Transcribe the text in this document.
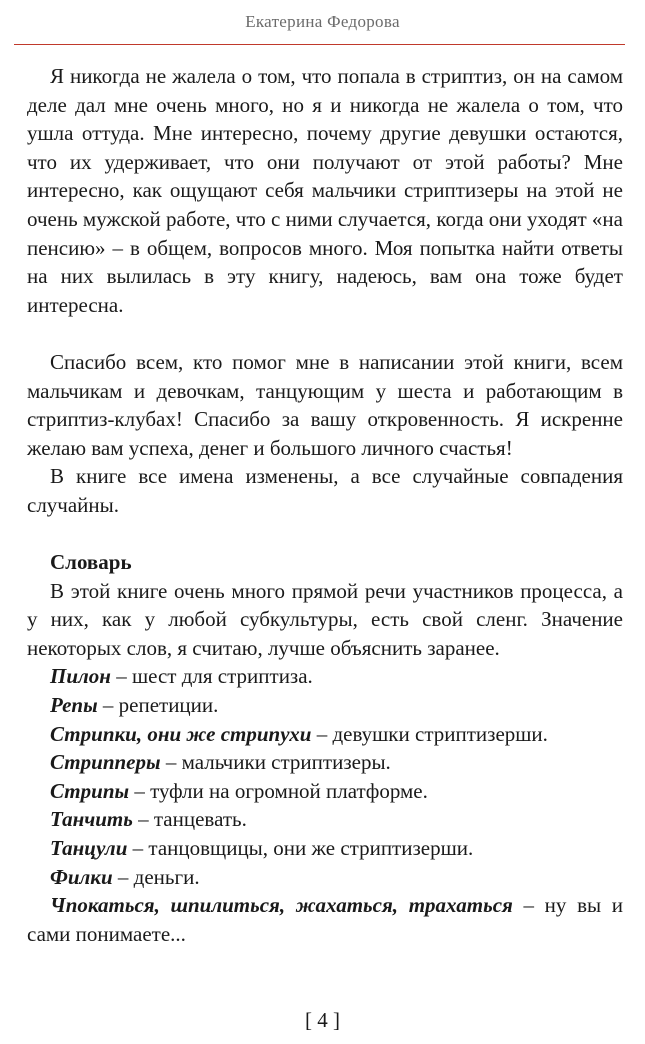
Екатерина Федорова

Я никогда не жалела о том, что попала в стриптиз, он на самом деле дал мне очень много, но я и никогда не жалела о том, что ушла оттуда. Мне интересно, почему другие девушки остаются, что их удерживает, что они получают от этой работы? Мне интересно, как ощущают себя мальчики стриптизеры на этой не очень мужской работе, что с ними случается, когда они уходят «на пенсию» – в общем, вопросов много. Моя попытка найти ответы на них вылилась в эту книгу, надеюсь, вам она тоже будет интересна.

Спасибо всем, кто помог мне в написании этой книги, всем мальчикам и девочкам, танцующим у шеста и работающим в стриптиз-клубах! Спасибо за вашу откровенность. Я искренне желаю вам успеха, денег и большого личного счастья!

В книге все имена изменены, а все случайные совпадения случайны.

Словарь

В этой книге очень много прямой речи участников процесса, а у них, как у любой субкультуры, есть свой сленг. Значение некоторых слов, я считаю, лучше объяснить заранее.

Пилон – шест для стриптиза.

Репы – репетиции.

Стрипки, они же стрипухи – девушки стриптизерши.

Стрипперы – мальчики стриптизеры.

Стрипы – туфли на огромной платформе.

Танчить – танцевать.

Танцули – танцовщицы, они же стриптизерши.

Филки – деньги.

Чпокаться, шпилиться, жахаться, трахаться – ну вы и сами понимаете...

[ 4 ]
